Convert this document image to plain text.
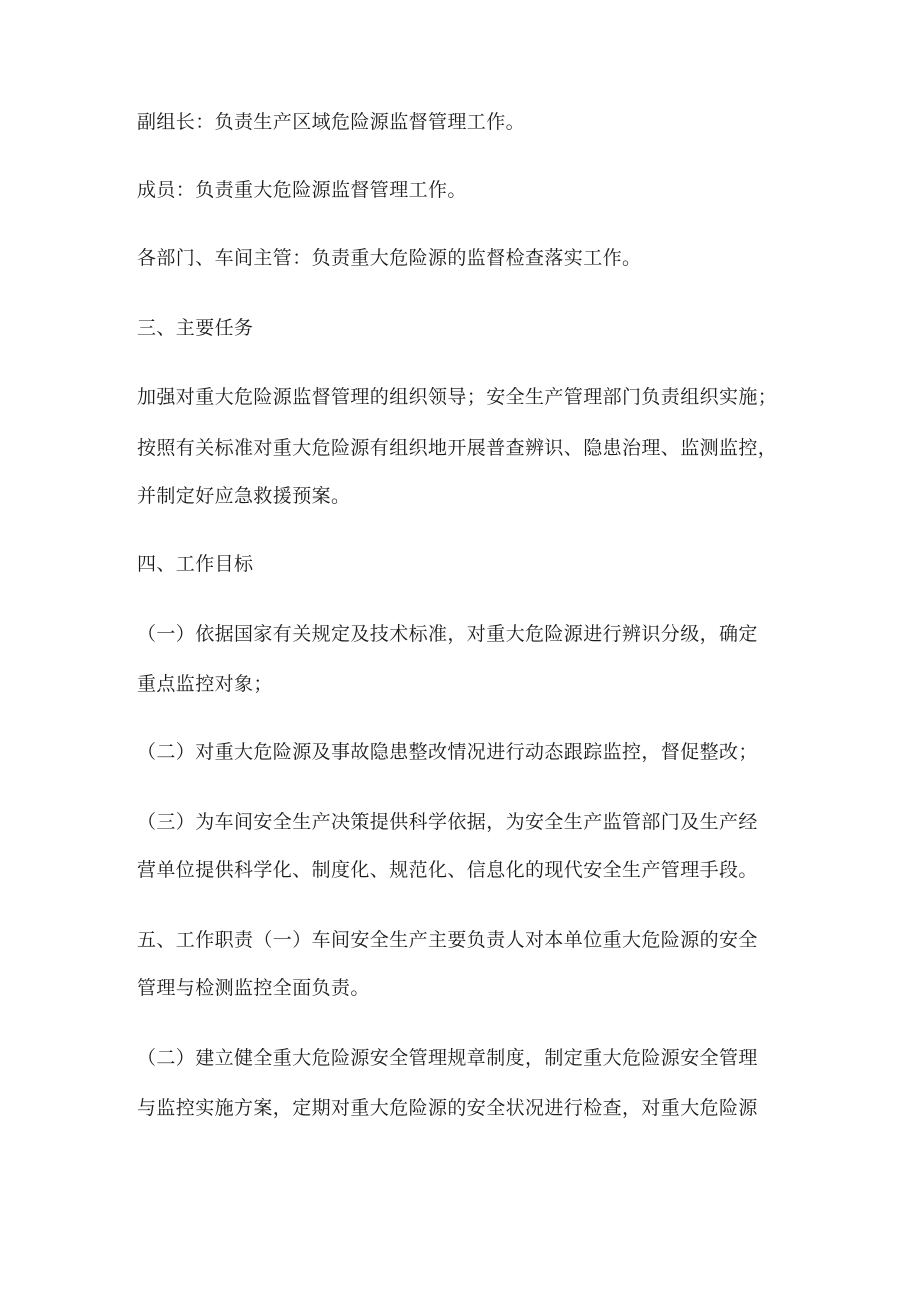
副组长：负责生产区域危险源监督管理工作。
成员：负责重大危险源监督管理工作。
各部门、车间主管：负责重大危险源的监督检查落实工作。
三、主要任务
加强对重大危险源监督管理的组织领导；安全生产管理部门负责组织实施；
按照有关标准对重大危险源有组织地开展普查辨识、隐患治理、监测监控，
并制定好应急救援预案。
四、工作目标
（一）依据国家有关规定及技术标准，对重大危险源进行辨识分级，确定
重点监控对象；
（二）对重大危险源及事故隐患整改情况进行动态跟踪监控，督促整改；
（三）为车间安全生产决策提供科学依据，为安全生产监管部门及生产经
营单位提供科学化、制度化、规范化、信息化的现代安全生产管理手段。
五、工作职责（一）车间安全生产主要负责人对本单位重大危险源的安全
管理与检测监控全面负责。
（二）建立健全重大危险源安全管理规章制度，制定重大危险源安全管理
与监控实施方案，定期对重大危险源的安全状况进行检查，对重大危险源
